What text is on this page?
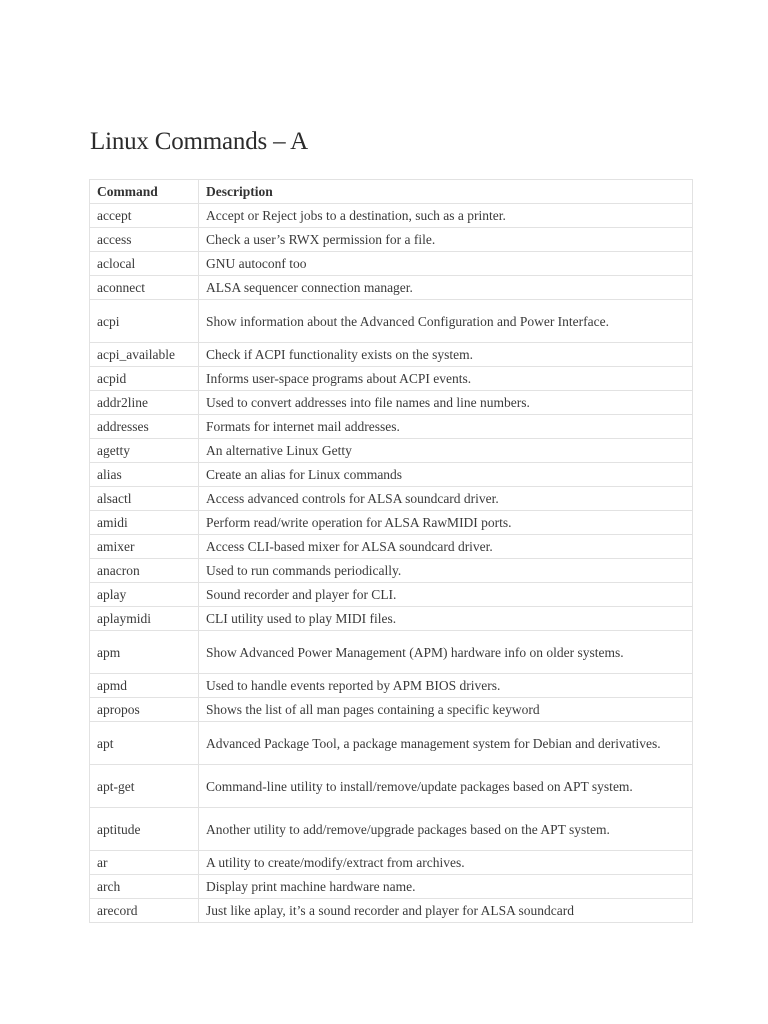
Linux Commands – A
Command	Description
accept	Accept or Reject jobs to a destination, such as a printer.
access	Check a user’s RWX permission for a file.
aclocal	GNU autoconf too
aconnect	ALSA sequencer connection manager.
acpi	Show information about the Advanced Configuration and Power Interface.
acpi_available	Check if ACPI functionality exists on the system.
acpid	Informs user-space programs about ACPI events.
addr2line	Used to convert addresses into file names and line numbers.
addresses	Formats for internet mail addresses.
agetty	An alternative Linux Getty
alias	Create an alias for Linux commands
alsactl	Access advanced controls for ALSA soundcard driver.
amidi	Perform read/write operation for ALSA RawMIDI ports.
amixer	Access CLI-based mixer for ALSA soundcard driver.
anacron	Used to run commands periodically.
aplay	Sound recorder and player for CLI.
aplaymidi	CLI utility used to play MIDI files.
apm	Show Advanced Power Management (APM) hardware info on older systems.
apmd	Used to handle events reported by APM BIOS drivers.
apropos	Shows the list of all man pages containing a specific keyword
apt	Advanced Package Tool, a package management system for Debian and derivatives.
apt-get	Command-line utility to install/remove/update packages based on APT system.
aptitude	Another utility to add/remove/upgrade packages based on the APT system.
ar	A utility to create/modify/extract from archives.
arch	Display print machine hardware name.
arecord	Just like aplay, it’s a sound recorder and player for ALSA soundcard
